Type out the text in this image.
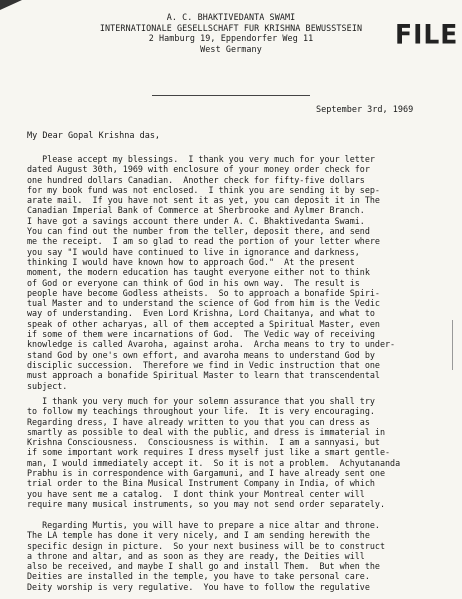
A. C. BHAKTIVEDANTA SWAMI
INTERNATIONALE GESELLSCHAFT FUR KRISHNA BEWUSSTSEIN
2 Hamburg 19, Eppendorfer Weg 11
West Germany	FILE
September 3rd, 1969
My Dear Gopal Krishna das,
Please accept my blessings.  I thank you very much for your letter
dated August 30th, 1969 with enclosure of your money order check for
one hundred dollars Canadian.  Another check for fifty-five dollars
for my book fund was not enclosed.  I think you are sending it by sep-
arate mail.  If you have not sent it as yet, you can deposit it in The
Canadian Imperial Bank of Commerce at Sherbrooke and Aylmer Branch.
I have got a savings account there under A. C. Bhaktivedanta Swami.
You can find out the number from the teller, deposit there, and send
me the receipt.  I am so glad to read the portion of your letter where
you say "I would have continued to live in ignorance and darkness,
thinking I would have known how to approach God."  At the present
moment, the modern education has taught everyone either not to think
of God or everyone can think of God in his own way.  The result is
people have become Godless atheists.  So to approach a bonafide Spiri-
tual Master and to understand the science of God from him is the Vedic
way of understanding.  Even Lord Krishna, Lord Chaitanya, and what to
speak of other acharyas, all of them accepted a Spiritual Master, even
if some of them were incarnations of God.  The Vedic way of receiving
knowledge is called Avaroha, against aroha.  Archa means to try to under-
stand God by one's own effort, and avaroha means to understand God by
disciplic succession.  Therefore we find in Vedic instruction that one
must approach a bonafide Spiritual Master to learn that transcendental
subject.
I thank you very much for your solemn assurance that you shall try
to follow my teachings throughout your life.  It is very encouraging.
Regarding dress, I have already written to you that you can dress as
smartly as possible to deal with the public, and dress is immaterial in
Krishna Consciousness.  Consciousness is within.  I am a sannyasi, but
if some important work requires I dress myself just like a smart gentle-
man, I would immediately accept it.  So it is not a problem.  Achyutananda
Prabhu is in correspondence with Gargamuni, and I have already sent one
trial order to the Bina Musical Instrument Company in India, of which
you have sent me a catalog.  I dont think your Montreal center will
require many musical instruments, so you may not send order separately.
Regarding Murtis, you will have to prepare a nice altar and throne.
The LA temple has done it very nicely, and I am sending herewith the
specific design in picture.  So your next business will be to construct
a throne and altar, and as soon as they are ready, the Deities will
also be received, and maybe I shall go and install Them.  But when the
Deities are installed in the temple, you have to take personal care.
Deity worship is very regulative.  You have to follow the regulative
